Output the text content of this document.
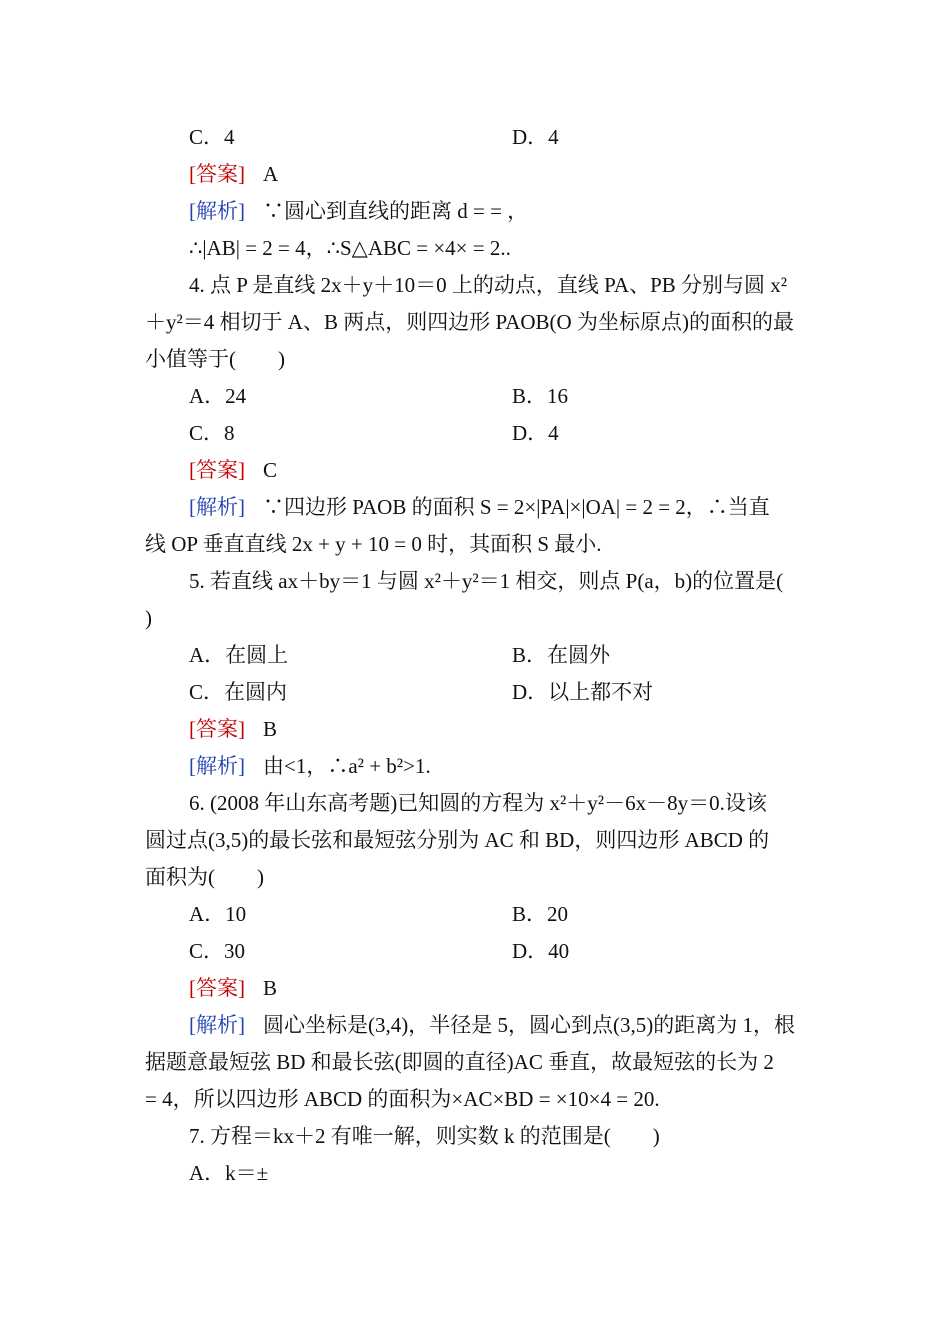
C．4	D．4
[答案] A
[解析] ∵圆心到直线的距离 d = = ，
∴|AB| = 2 = 4，∴S△ABC = ×4× = 2..
4. 点 P 是直线 2x＋y＋10＝0 上的动点，直线 PA、PB 分别与圆 x²
＋y²＝4 相切于 A、B 两点，则四边形 PAOB(O 为坐标原点)的面积的最
小值等于(　　)
A．24	B．16
C．8	D．4
[答案] C
[解析] ∵四边形 PAOB 的面积 S = 2×|PA|×|OA| = 2 = 2，∴当直
线 OP 垂直直线 2x + y + 10 = 0 时，其面积 S 最小.
5. 若直线 ax＋by＝1 与圆 x²＋y²＝1 相交，则点 P(a，b)的位置是(
)
A．在圆上	B．在圆外
C．在圆内	D．以上都不对
[答案] B
[解析] 由<1，∴a² + b²>1.
6. (2008 年山东高考题)已知圆的方程为 x²＋y²－6x－8y＝0.设该
圆过点(3,5)的最长弦和最短弦分别为 AC 和 BD，则四边形 ABCD 的
面积为(　　)
A．10	B．20
C．30	D．40
[答案] B
[解析] 圆心坐标是(3,4)，半径是 5，圆心到点(3,5)的距离为 1，根
据题意最短弦 BD 和最长弦(即圆的直径)AC 垂直，故最短弦的长为 2
= 4，所以四边形 ABCD 的面积为×AC×BD = ×10×4 = 20.
7. 方程＝kx＋2 有唯一解，则实数 k 的范围是(　　)
A．k＝±
